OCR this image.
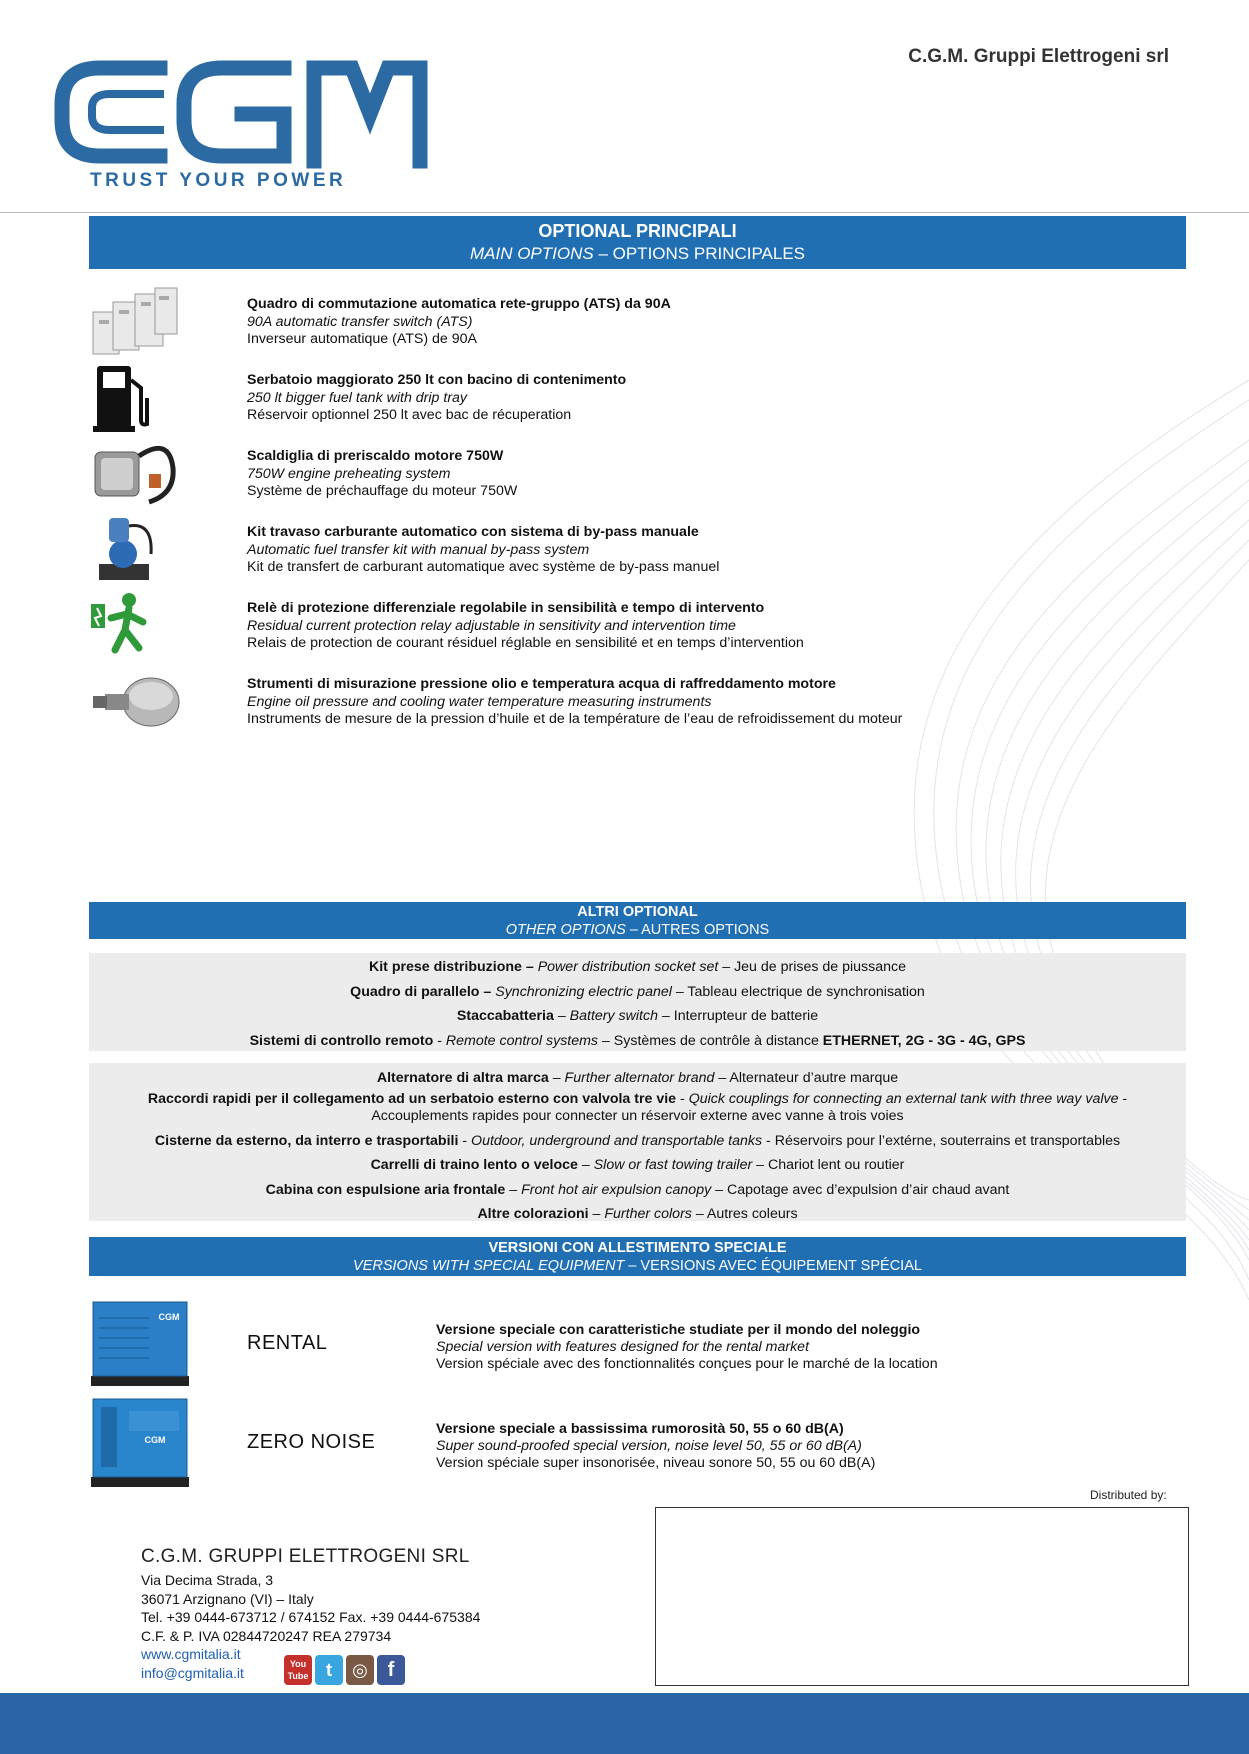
TRUST YOUR POWER
C.G.M. Gruppi Elettrogeni srl
OPTIONAL PRINCIPALI
MAIN OPTIONS – OPTIONS PRINCIPALES
Quadro di commutazione automatica rete-gruppo (ATS) da 90A
90A automatic transfer switch (ATS)
Inverseur automatique (ATS) de 90A
Serbatoio maggiorato 250 lt con bacino di contenimento
250 lt bigger fuel tank with drip tray
Réservoir optionnel 250 lt avec bac de récuperation
Scaldiglia di preriscaldo motore 750W
750W engine preheating system
Système de préchauffage du moteur 750W
Kit travaso carburante automatico con sistema di by-pass manuale
Automatic fuel transfer kit with manual by-pass system
Kit de transfert de carburant automatique avec système de by-pass manuel
Relè di protezione differenziale regolabile in sensibilità e tempo di intervento
Residual current protection relay adjustable in sensitivity and intervention time
Relais de protection de courant résiduel réglable en sensibilité et en temps d’intervention
Strumenti di misurazione pressione olio e temperatura acqua di raffreddamento motore
Engine oil pressure and cooling water temperature measuring instruments
Instruments de mesure de la pression d’huile et de la température de l’eau de refroidissement du moteur
ALTRI OPTIONAL
OTHER OPTIONS – AUTRES OPTIONS
Kit prese distribuzione – Power distribution socket set – Jeu de prises de piussance
Quadro di parallelo – Synchronizing electric panel – Tableau electrique de synchronisation
Staccabatteria – Battery switch – Interrupteur de batterie
Sistemi di controllo remoto - Remote control systems – Systèmes de contrôle à distance ETHERNET, 2G - 3G - 4G, GPS
Alternatore di altra marca – Further alternator brand – Alternateur d’autre marque
Raccordi rapidi per il collegamento ad un serbatoio esterno con valvola tre vie - Quick couplings for connecting an external tank with three way valve -
Accouplements rapides pour connecter un réservoir externe avec vanne à trois voies
Cisterne da esterno, da interro e trasportabili - Outdoor, underground and transportable tanks - Réservoirs pour l’extérne, souterrains et transportables
Carrelli di traino lento o veloce – Slow or fast towing trailer – Chariot lent ou routier
Cabina con espulsione aria frontale – Front hot air expulsion canopy – Capotage avec d’expulsion d’air chaud avant
Altre colorazioni – Further colors – Autres coleurs
VERSIONI CON ALLESTIMENTO SPECIALE
VERSIONS WITH SPECIAL EQUIPMENT – VERSIONS AVEC ÉQUIPEMENT SPÉCIAL
CGM
RENTAL
Versione speciale con caratteristiche studiate per il mondo del noleggio
Special version with features designed for the rental market
Version spéciale avec des fonctionnalités conçues pour le marché de la location
CGM	ZERO NOISE
Versione speciale a bassissima rumorosità 50, 55 o 60 dB(A)
Super sound-proofed special version, noise level 50, 55 or 60 dB(A)
Version spéciale super insonorisée, niveau sonore 50, 55 ou 60 dB(A)
Distributed by:
C.G.M. GRUPPI ELETTROGENI SRL
Via Decima Strada, 3
36071 Arzignano (VI) – Italy
Tel. +39 0444-673712 / 674152 Fax. +39 0444-675384
C.F. & P. IVA 02844720247 REA 279734
www.cgmitalia.it
info@cgmitalia.it
You Tube t ◎ f
